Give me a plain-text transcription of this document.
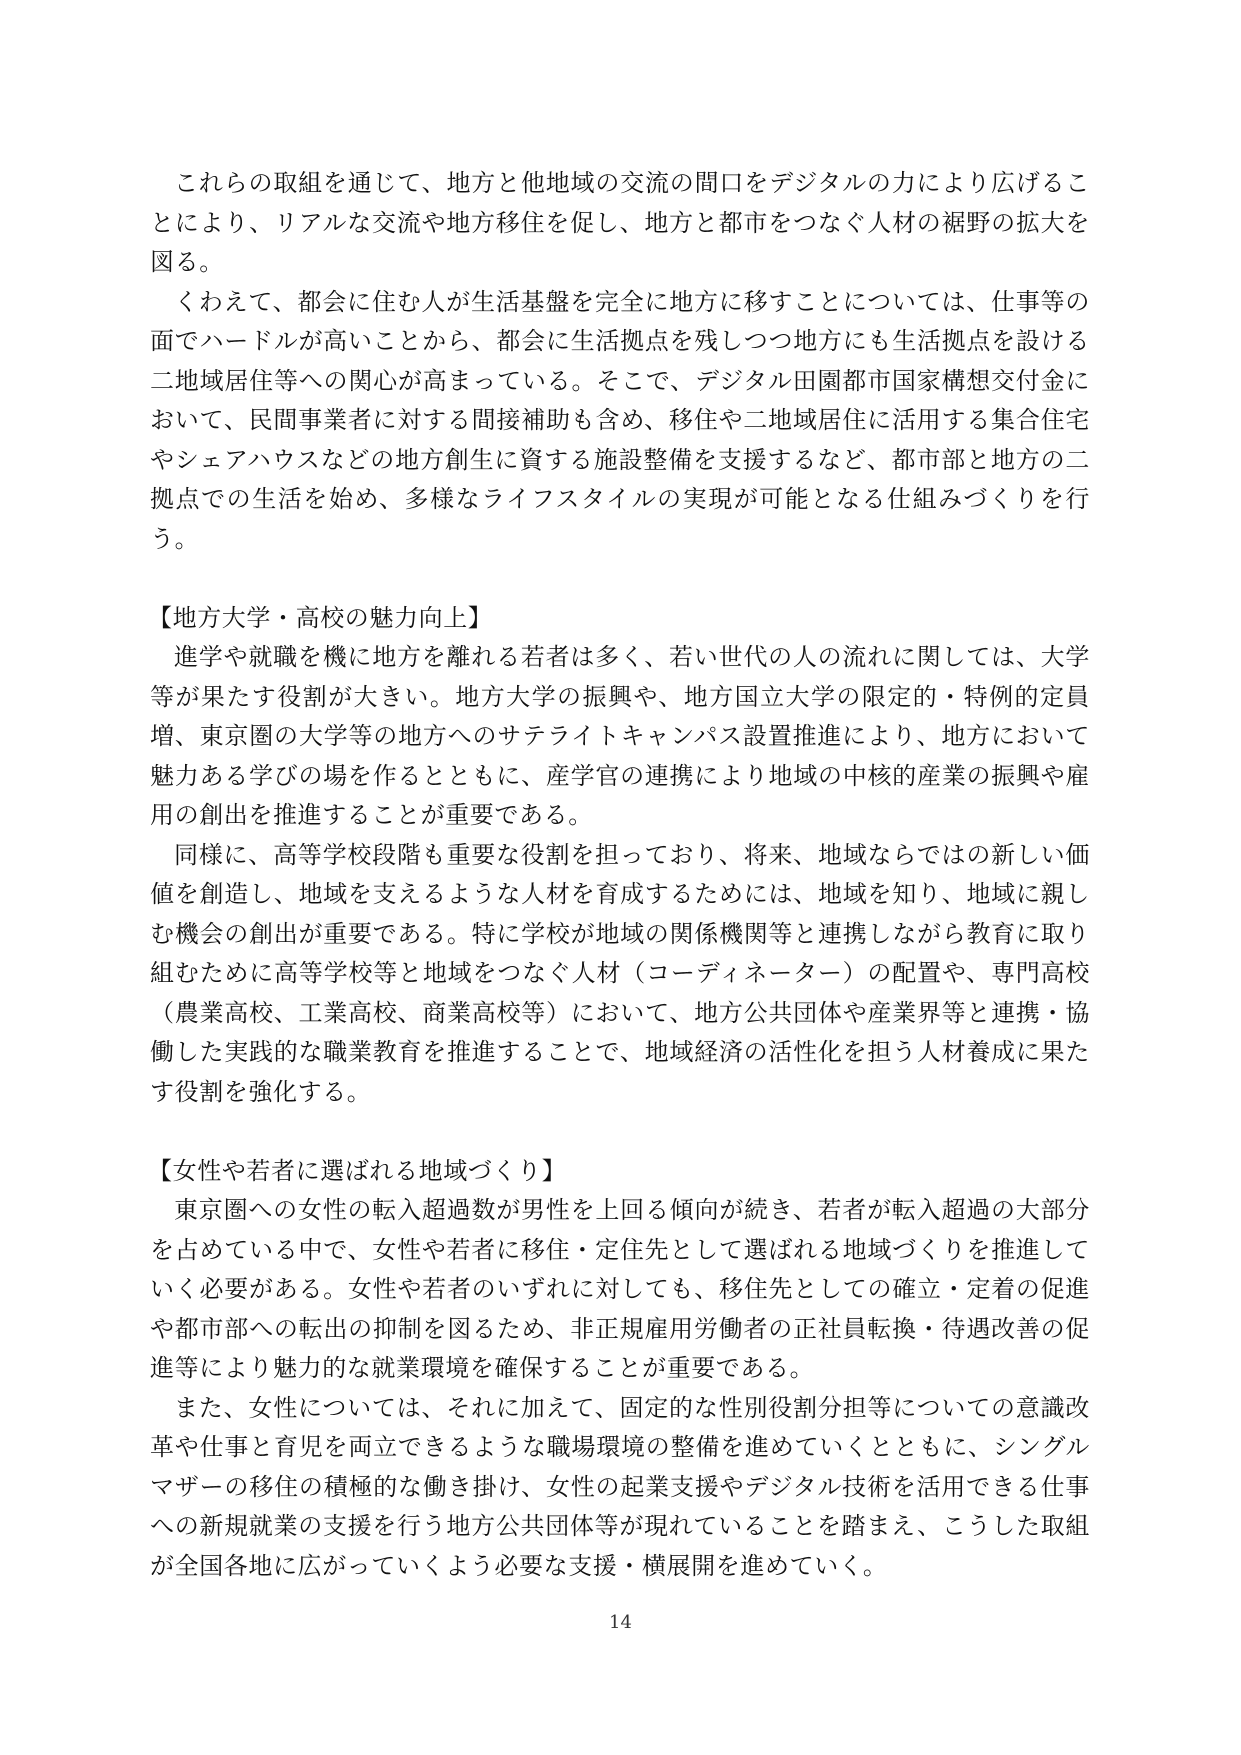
これらの取組を通じて、地方と他地域の交流の間口をデジタルの力により広げることにより、リアルな交流や地方移住を促し、地方と都市をつなぐ人材の裾野の拡大を図る。

くわえて、都会に住む人が生活基盤を完全に地方に移すことについては、仕事等の面でハードルが高いことから、都会に生活拠点を残しつつ地方にも生活拠点を設ける二地域居住等への関心が高まっている。そこで、デジタル田園都市国家構想交付金において、民間事業者に対する間接補助も含め、移住や二地域居住に活用する集合住宅やシェアハウスなどの地方創生に資する施設整備を支援するなど、都市部と地方の二拠点での生活を始め、多様なライフスタイルの実現が可能となる仕組みづくりを行う。

【地方大学・高校の魅力向上】

進学や就職を機に地方を離れる若者は多く、若い世代の人の流れに関しては、大学等が果たす役割が大きい。地方大学の振興や、地方国立大学の限定的・特例的定員増、東京圏の大学等の地方へのサテライトキャンパス設置推進により、地方において魅力ある学びの場を作るとともに、産学官の連携により地域の中核的産業の振興や雇用の創出を推進することが重要である。

同様に、高等学校段階も重要な役割を担っており、将来、地域ならではの新しい価値を創造し、地域を支えるような人材を育成するためには、地域を知り、地域に親しむ機会の創出が重要である。特に学校が地域の関係機関等と連携しながら教育に取り組むために高等学校等と地域をつなぐ人材（コーディネーター）の配置や、専門高校（農業高校、工業高校、商業高校等）において、地方公共団体や産業界等と連携・協働した実践的な職業教育を推進することで、地域経済の活性化を担う人材養成に果たす役割を強化する。

【女性や若者に選ばれる地域づくり】

東京圏への女性の転入超過数が男性を上回る傾向が続き、若者が転入超過の大部分を占めている中で、女性や若者に移住・定住先として選ばれる地域づくりを推進していく必要がある。女性や若者のいずれに対しても、移住先としての確立・定着の促進や都市部への転出の抑制を図るため、非正規雇用労働者の正社員転換・待遇改善の促進等により魅力的な就業環境を確保することが重要である。

また、女性については、それに加えて、固定的な性別役割分担等についての意識改革や仕事と育児を両立できるような職場環境の整備を進めていくとともに、シングルマザーの移住の積極的な働き掛け、女性の起業支援やデジタル技術を活用できる仕事への新規就業の支援を行う地方公共団体等が現れていることを踏まえ、こうした取組が全国各地に広がっていくよう必要な支援・横展開を進めていく。

14
